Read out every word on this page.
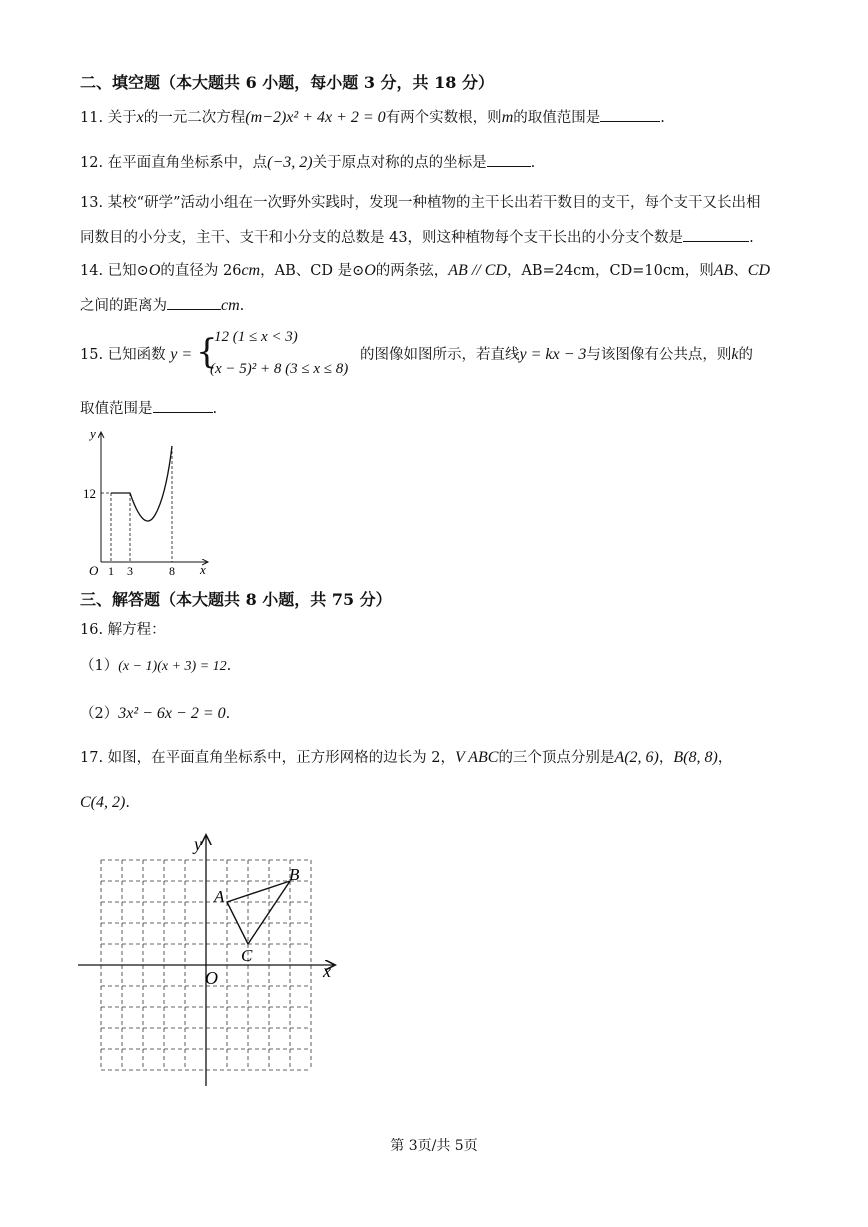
二、填空题（本大题共 6 小题，每小题 3 分，共 18 分）
11. 关于x的一元二次方程(m−2)x² + 4x + 2 = 0有两个实数根，则m的取值范围是	.
12. 在平面直角坐标系中，点(−3, 2)关于原点对称的点的坐标是	.
13. 某校“研学”活动小组在一次野外实践时，发现一种植物的主干长出若干数目的支干，每个支干又长出相
同数目的小分支，主干、支干和小分支的总数是 43，则这种植物每个支干长出的小分支个数是	.
14. 已知⊙O的直径为 26cm，AB、CD 是⊙O的两条弦，AB // CD，AB=24cm，CD=10cm，则AB、CD
之间的距离为	cm.
15. 已知函数 y = {
12 (1 ≤ x < 3)
(x − 5)² + 8 (3 ≤ x ≤ 8)
的图像如图所示，若直线y = kx − 3与该图像有公共点，则k的
取值范围是	.
y
x
O
12
1 3	8
三、解答题（本大题共 8 小题，共 75 分）
16. 解方程：
（1）(x − 1)(x + 3) = 12.
（2）3x² − 6x − 2 = 0.
17. 如图，在平面直角坐标系中，正方形网格的边长为 2，V ABC的三个顶点分别是A(2, 6)，B(8, 8)，
C(4, 2).
y
x
O
A
B
C
第 3页/共 5页
